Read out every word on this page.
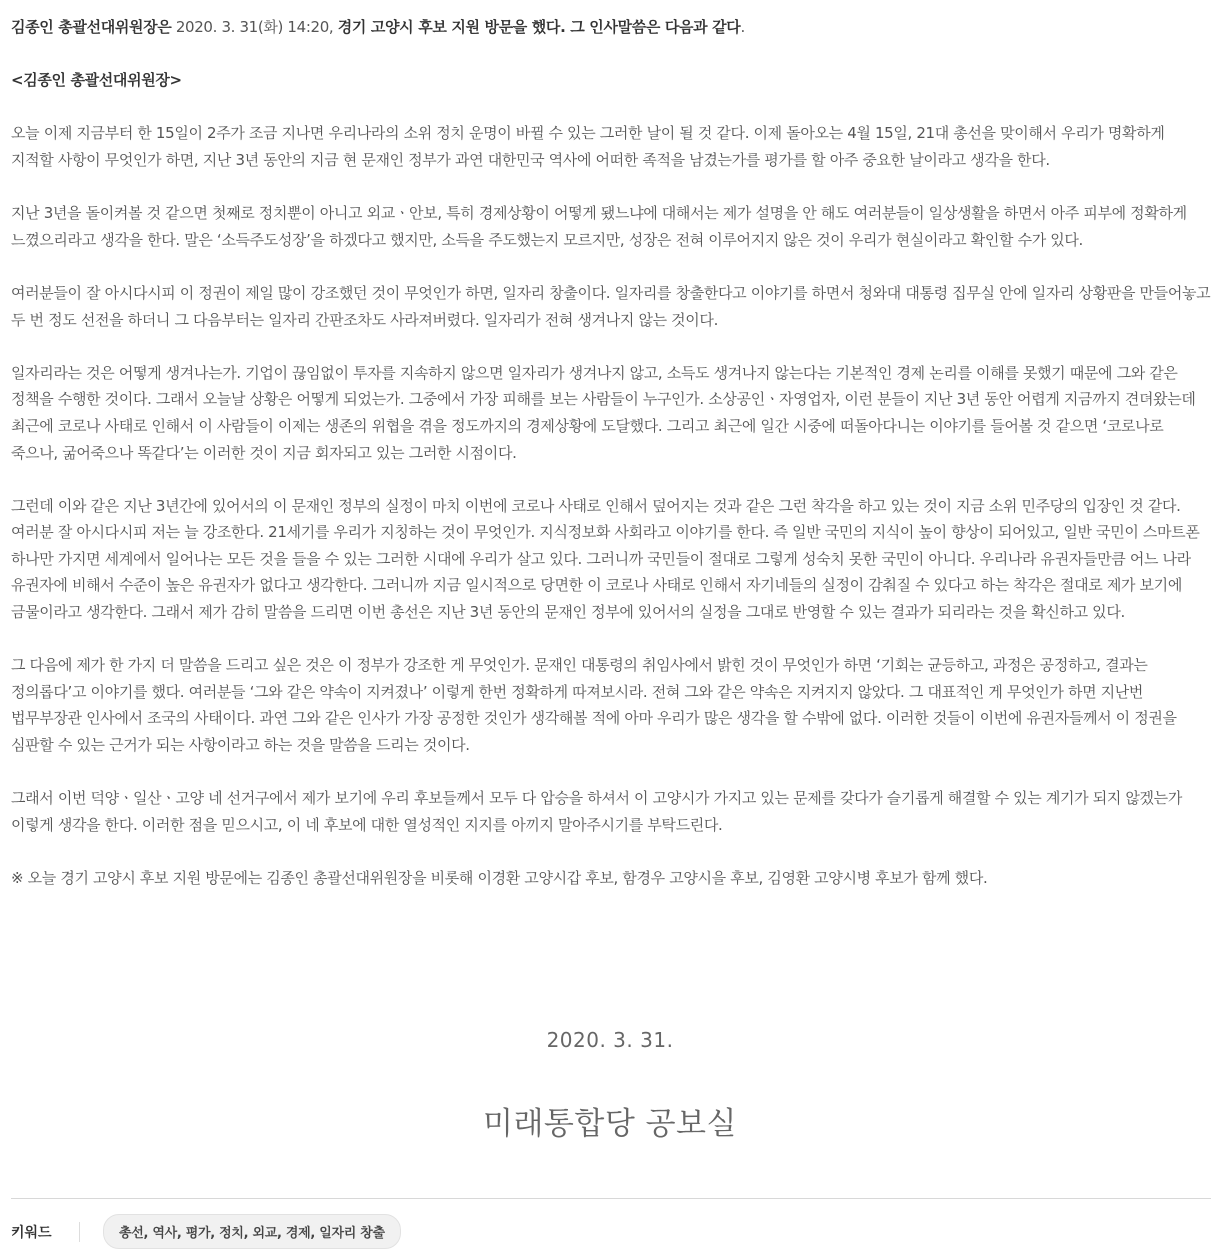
김종인 총괄선대위원장은 2020. 3. 31(화) 14:20, 경기 고양시 후보 지원 방문을 했다. 그 인사말씀은 다음과 같다.

<김종인 총괄선대위원장>

오늘 이제 지금부터 한 15일이 2주가 조금 지나면 우리나라의 소위 정치 운명이 바뀔 수 있는 그러한 날이 될 것 같다. 이제 돌아오는 4월 15일, 21대 총선을 맞이해서 우리가 명확하게 지적할 사항이 무엇인가 하면, 지난 3년 동안의 지금 현 문재인 정부가 과연 대한민국 역사에 어떠한 족적을 남겼는가를 평가를 할 아주 중요한 날이라고 생각을 한다.

지난 3년을 돌이켜볼 것 같으면 첫째로 정치뿐이 아니고 외교ㆍ안보, 특히 경제상황이 어떻게 됐느냐에 대해서는 제가 설명을 안 해도 여러분들이 일상생활을 하면서 아주 피부에 정확하게 느꼈으리라고 생각을 한다. 말은 ‘소득주도성장’을 하겠다고 했지만, 소득을 주도했는지 모르지만, 성장은 전혀 이루어지지 않은 것이 우리가 현실이라고 확인할 수가 있다.

여러분들이 잘 아시다시피 이 정권이 제일 많이 강조했던 것이 무엇인가 하면, 일자리 창출이다. 일자리를 창출한다고 이야기를 하면서 청와대 대통령 집무실 안에 일자리 상황판을 만들어놓고 두 번 정도 선전을 하더니 그 다음부터는 일자리 간판조차도 사라져버렸다. 일자리가 전혀 생겨나지 않는 것이다.

일자리라는 것은 어떻게 생겨나는가. 기업이 끊임없이 투자를 지속하지 않으면 일자리가 생겨나지 않고, 소득도 생겨나지 않는다는 기본적인 경제 논리를 이해를 못했기 때문에 그와 같은 정책을 수행한 것이다. 그래서 오늘날 상황은 어떻게 되었는가. 그중에서 가장 피해를 보는 사람들이 누구인가. 소상공인ㆍ자영업자, 이런 분들이 지난 3년 동안 어렵게 지금까지 견뎌왔는데 최근에 코로나 사태로 인해서 이 사람들이 이제는 생존의 위협을 겪을 정도까지의 경제상황에 도달했다. 그리고 최근에 일간 시중에 떠돌아다니는 이야기를 들어볼 것 같으면 ‘코로나로 죽으나, 굶어죽으나 똑같다’는 이러한 것이 지금 회자되고 있는 그러한 시점이다.

그런데 이와 같은 지난 3년간에 있어서의 이 문재인 정부의 실정이 마치 이번에 코로나 사태로 인해서 덮어지는 것과 같은 그런 착각을 하고 있는 것이 지금 소위 민주당의 입장인 것 같다. 여러분 잘 아시다시피 저는 늘 강조한다. 21세기를 우리가 지칭하는 것이 무엇인가. 지식정보화 사회라고 이야기를 한다. 즉 일반 국민의 지식이 높이 향상이 되어있고, 일반 국민이 스마트폰 하나만 가지면 세계에서 일어나는 모든 것을 들을 수 있는 그러한 시대에 우리가 살고 있다. 그러니까 국민들이 절대로 그렇게 성숙치 못한 국민이 아니다. 우리나라 유권자들만큼 어느 나라 유권자에 비해서 수준이 높은 유권자가 없다고 생각한다. 그러니까 지금 일시적으로 당면한 이 코로나 사태로 인해서 자기네들의 실정이 감춰질 수 있다고 하는 착각은 절대로 제가 보기에 금물이라고 생각한다. 그래서 제가 감히 말씀을 드리면 이번 총선은 지난 3년 동안의 문재인 정부에 있어서의 실정을 그대로 반영할 수 있는 결과가 되리라는 것을 확신하고 있다.

그 다음에 제가 한 가지 더 말씀을 드리고 싶은 것은 이 정부가 강조한 게 무엇인가. 문재인 대통령의 취임사에서 밝힌 것이 무엇인가 하면 ‘기회는 균등하고, 과정은 공정하고, 결과는 정의롭다’고 이야기를 했다. 여러분들 ‘그와 같은 약속이 지켜졌나’ 이렇게 한번 정확하게 따져보시라. 전혀 그와 같은 약속은 지켜지지 않았다. 그 대표적인 게 무엇인가 하면 지난번 법무부장관 인사에서 조국의 사태이다. 과연 그와 같은 인사가 가장 공정한 것인가 생각해볼 적에 아마 우리가 많은 생각을 할 수밖에 없다. 이러한 것들이 이번에 유권자들께서 이 정권을 심판할 수 있는 근거가 되는 사항이라고 하는 것을 말씀을 드리는 것이다.

그래서 이번 덕양ㆍ일산ㆍ고양 네 선거구에서 제가 보기에 우리 후보들께서 모두 다 압승을 하셔서 이 고양시가 가지고 있는 문제를 갖다가 슬기롭게 해결할 수 있는 계기가 되지 않겠는가 이렇게 생각을 한다. 이러한 점을 믿으시고, 이 네 후보에 대한 열성적인 지지를 아끼지 말아주시기를 부탁드린다.

※ 오늘 경기 고양시 후보 지원 방문에는 김종인 총괄선대위원장을 비롯해 이경환 고양시갑 후보, 함경우 고양시을 후보, 김영환 고양시병 후보가 함께 했다.

2020. 3. 31.
미래통합당 공보실
키워드	총선, 역사, 평가, 정치, 외교, 경제, 일자리 창출
